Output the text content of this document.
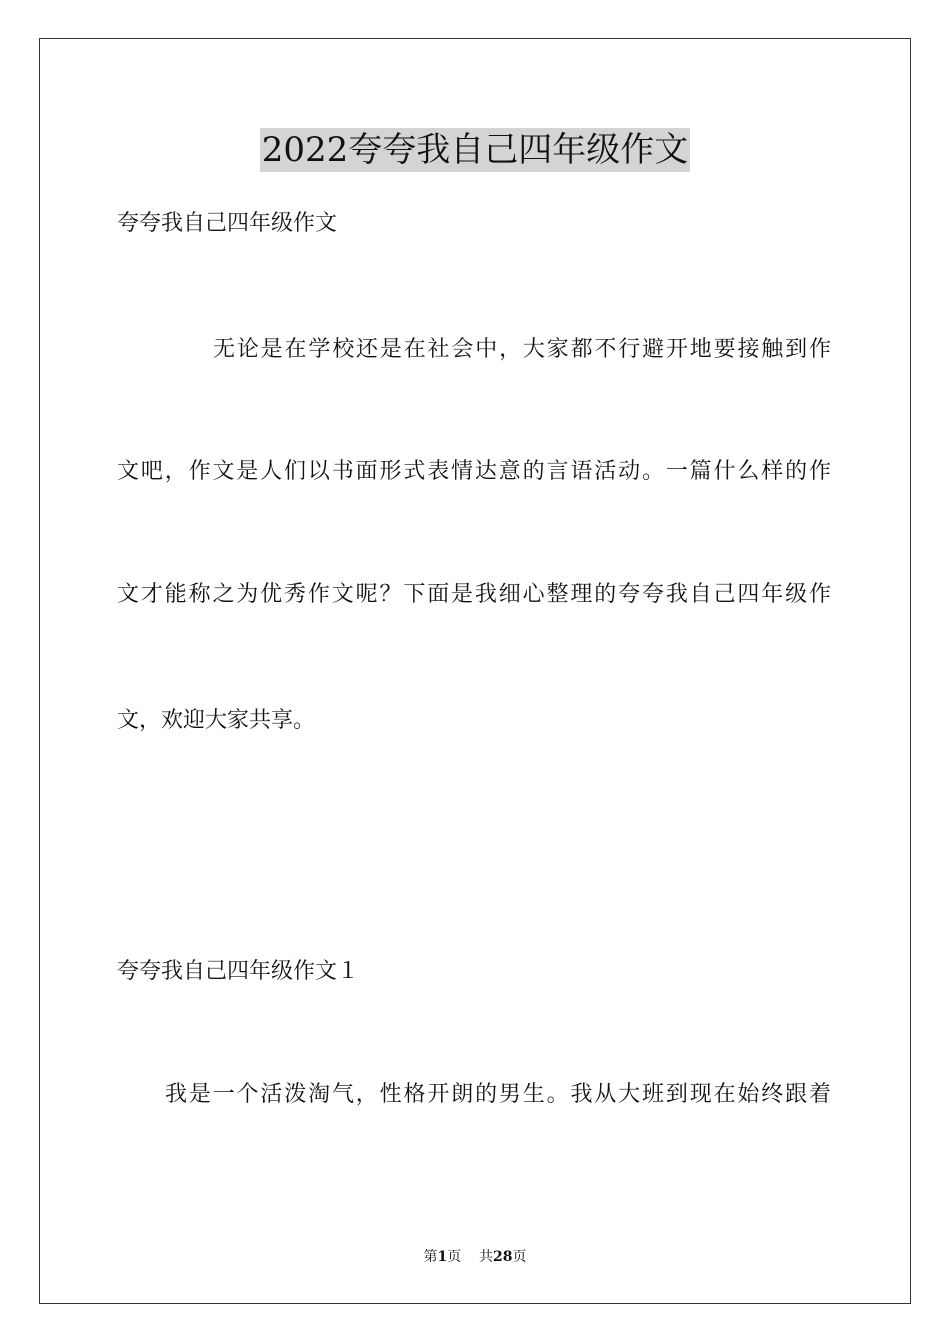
2022夸夸我自己四年级作文

夸夸我自己四年级作文

无论是在学校还是在社会中，大家都不行避开地要接触到作

文吧，作文是人们以书面形式表情达意的言语活动。一篇什么样的作

文才能称之为优秀作文呢？下面是我细心整理的夸夸我自己四年级作

文，欢迎大家共享。

夸夸我自己四年级作文１

我是一个活泼淘气，性格开朗的男生。我从大班到现在始终跟着

第1页 共28页
